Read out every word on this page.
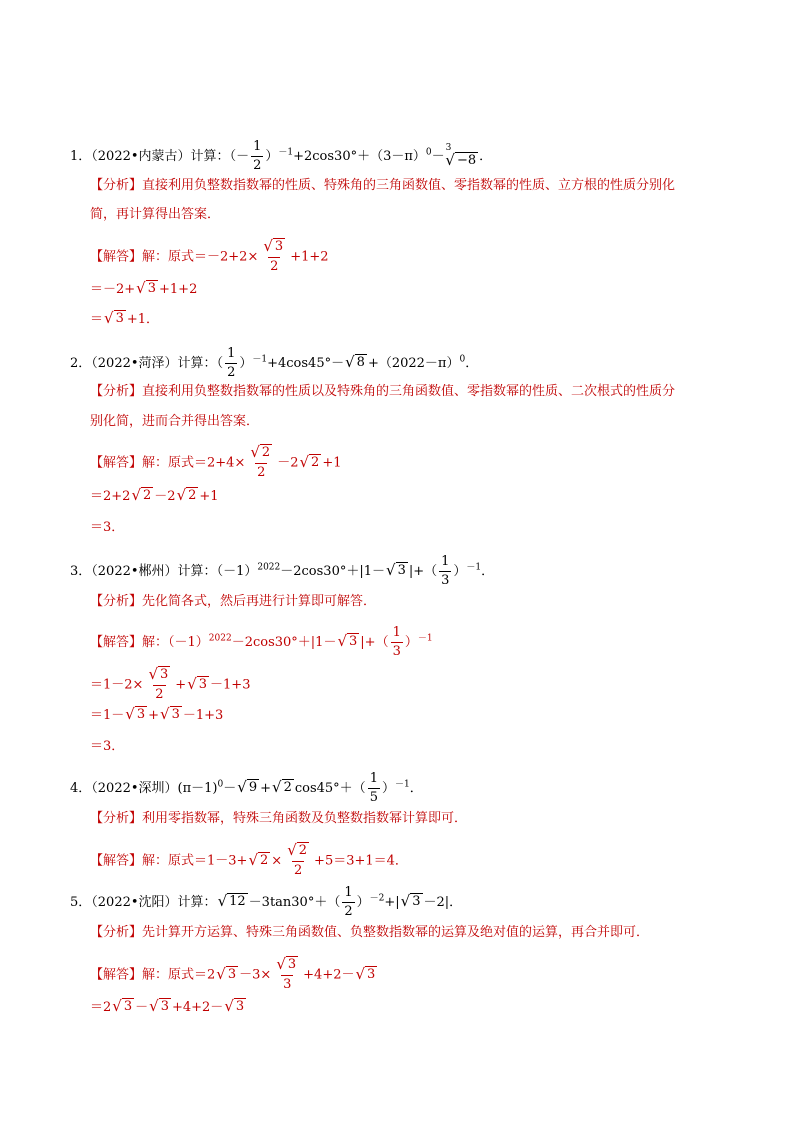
1．（2022•内蒙古）计算：（－ $\frac{1}{2} )^{-1}+2\cos 30^\circ+(3-\pi)^0-$
3
√ −8 ．
【分析】直接利用负整数指数幂的性质、特殊角的三角函数值、零指数幂的性质、立方根的性质分别化
简，再计算得出答案．
【解答】解：原式$=-2+2\times \frac{√ 3}{2} +1+2$
＝－2+ √ 3 +1+2
＝ √ 3 +1．
2．（2022•菏泽）计算：（ $\frac{1}{2} )^{-1}+4\cos 45^\circ-$ √ $8 +(2022-\pi)^0$．
【分析】直接利用负整数指数幂的性质以及特殊角的三角函数值、零指数幂的性质、二次根式的性质分
别化简，进而合并得出答案．
【解答】解：原式$=2+4\times \frac{√ 2}{2} -2$ √ 2 +1
＝2+2 √ 2 －2 √ 2 +1
＝3．
3．（2022•郴州）计算：$(-1)^{2022}-2\cos 30^\circ+|1-$ √ 3 |+（ $\frac{1}{3} )^{-1}$．
【分析】先化简各式，然后再进行计算即可解答．
【解答】解：$(-1)^{2022}-2\cos 30^\circ+|1-$ √ 3 |+（ $\frac{1}{3} )^{-1}$
$=1-2\times \frac{√ 3}{2}$ + √ 3 －1+3
＝1－ √ 3 + √ 3 －1+3
＝3．
4．（2022•深圳）$(\pi-1)^0-$ √ 9 + √ 2 $\cos 45^\circ+( \frac{1}{5} )^{-1}$．
【分析】利用零指数幂，特殊三角函数及负整数指数幂计算即可．
【解答】解：原式＝1－3+ √ $2 \times \frac{√ 2}{2} +5=3+1=4$．
5．（2022•沈阳）计算： √ $12 -3\tan 30^\circ+( \frac{1}{2} )^{-2}+|$ √ 3 －2|．
【分析】先计算开方运算、特殊三角函数值、负整数指数幂的运算及绝对值的运算，再合并即可．
【解答】解：原式＝2 √ $3 -3\times \frac{√ 3}{3} +4+2-$ √ 3
＝2 √ 3 － √ 3 +4+2－ √ 3
